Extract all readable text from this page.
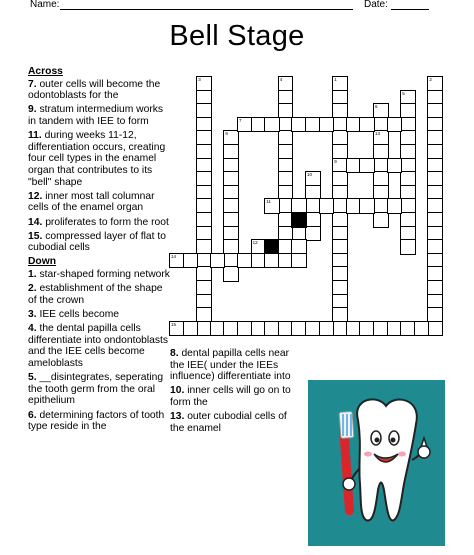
Name:	Date:
Bell Stage
Across
7. outer cells will become the odontoblasts for the
9. stratum intermedium works in tandem with IEE to form
11. during weeks 11-12, differentiation occurs, creating four cell types in the enamel organ that contributes to its "bell" shape
12. inner most tall columnar cells of the enamel organ
14. proliferates to form the root
15. compressed layer of flat to cubodial cells
Down
1. star-shaped forming network
2. establishment of the shape of the crown
3. IEE cells become
4. the dental papilla cells differentiate into ondontoblasts and the IEE cells become ameloblasts
5. __disintegrates, seperating the tooth germ from the oral epithelium
6. determining factors of tooth type reside in the
8. dental papilla cells near the IEE( under the IEEs influence) differentiate into
10. inner cells will go on to form the
13. outer cubodial cells of the enamel
3	4	1
9
2
5
6
13
8
10
7
11
12
14
15
